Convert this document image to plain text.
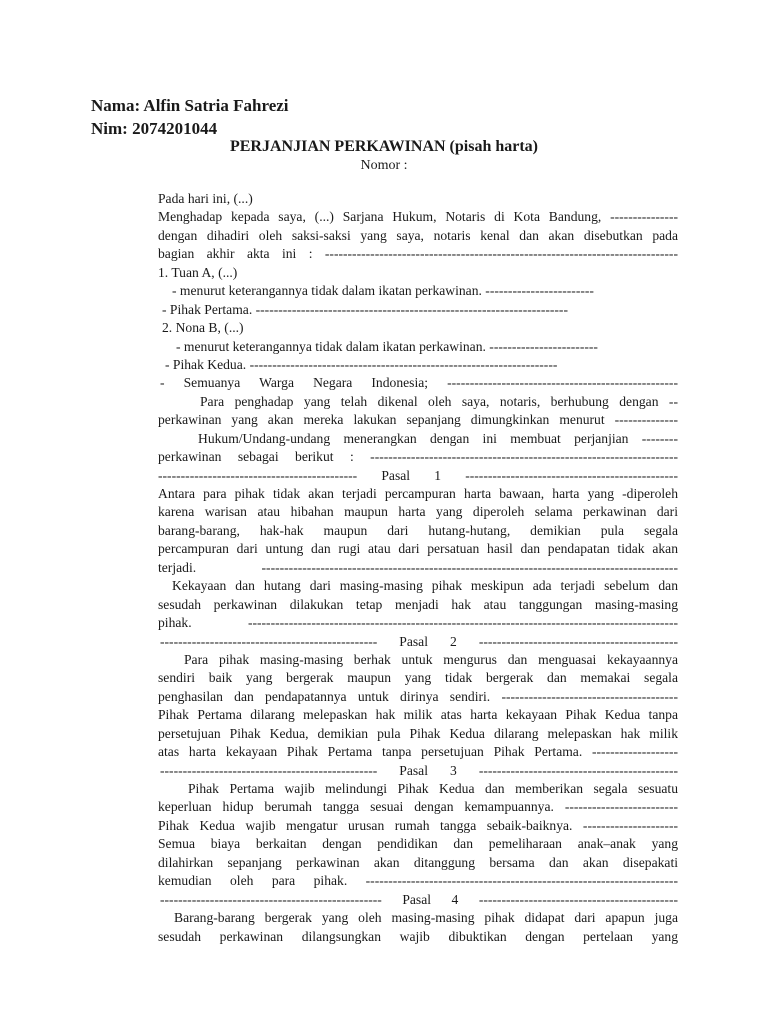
Nama: Alfin Satria Fahrezi
Nim: 2074201044
PERJANJIAN PERKAWINAN (pisah harta)
Nomor :
Pada hari ini, (...)
Menghadap kepada saya, (...) Sarjana Hukum, Notaris di Kota Bandung, ---------------
dengan dihadiri oleh saksi-saksi yang saya, notaris kenal dan akan disebutkan pada
bagian akhir akta ini : ------------------------------------------------------------------------------
1. Tuan A, (...)
- menurut keterangannya tidak dalam ikatan perkawinan. ------------------------
- Pihak Pertama. ---------------------------------------------------------------------
2. Nona B, (...)
- menurut keterangannya tidak dalam ikatan perkawinan. ------------------------
- Pihak Kedua. --------------------------------------------------------------------
- Semuanya Warga Negara Indonesia; ---------------------------------------------------
Para penghadap yang telah dikenal oleh saya, notaris, berhubung dengan --
perkawinan yang akan mereka lakukan sepanjang dimungkinkan menurut --------------
Hukum/Undang-undang menerangkan dengan ini membuat perjanjian --------
perkawinan sebagai berikut : --------------------------------------------------------------------
-------------------------------------------- Pasal 1 -----------------------------------------------
Antara para pihak tidak akan terjadi percampuran harta bawaan, harta yang -diperoleh
karena warisan atau hibahan maupun harta yang diperoleh selama perkawinan dari
barang-barang, hak-hak maupun dari hutang-hutang, demikian pula segala
percampuran dari untung dan rugi atau dari persatuan hasil dan pendapatan tidak akan
terjadi. --------------------------------------------------------------------------------------------
Kekayaan dan hutang dari masing-masing pihak meskipun ada terjadi sebelum dan
sesudah perkawinan dilakukan tetap menjadi hak atau tanggungan masing-masing
pihak. -----------------------------------------------------------------------------------------------
------------------------------------------------ Pasal 2 --------------------------------------------
Para pihak masing-masing berhak untuk mengurus dan menguasai kekayaannya
sendiri baik yang bergerak maupun yang tidak bergerak dan memakai segala
penghasilan dan pendapatannya untuk dirinya sendiri. ---------------------------------------
Pihak Pertama dilarang melepaskan hak milik atas harta kekayaan Pihak Kedua tanpa
persetujuan Pihak Kedua, demikian pula Pihak Kedua dilarang melepaskan hak milik
atas harta kekayaan Pihak Pertama tanpa persetujuan Pihak Pertama. -------------------
------------------------------------------------ Pasal 3 --------------------------------------------
Pihak Pertama wajib melindungi Pihak Kedua dan memberikan segala sesuatu
keperluan hidup berumah tangga sesuai dengan kemampuannya. -------------------------
Pihak Kedua wajib mengatur urusan rumah tangga sebaik-baiknya. ---------------------
Semua biaya berkaitan dengan pendidikan dan pemeliharaan anak–anak yang
dilahirkan sepanjang perkawinan akan ditanggung bersama dan akan disepakati
kemudian oleh para pihak. ---------------------------------------------------------------------
------------------------------------------------- Pasal 4 --------------------------------------------
Barang-barang bergerak yang oleh masing-masing pihak didapat dari apapun juga
sesudah perkawinan dilangsungkan wajib dibuktikan dengan pertelaan yang
